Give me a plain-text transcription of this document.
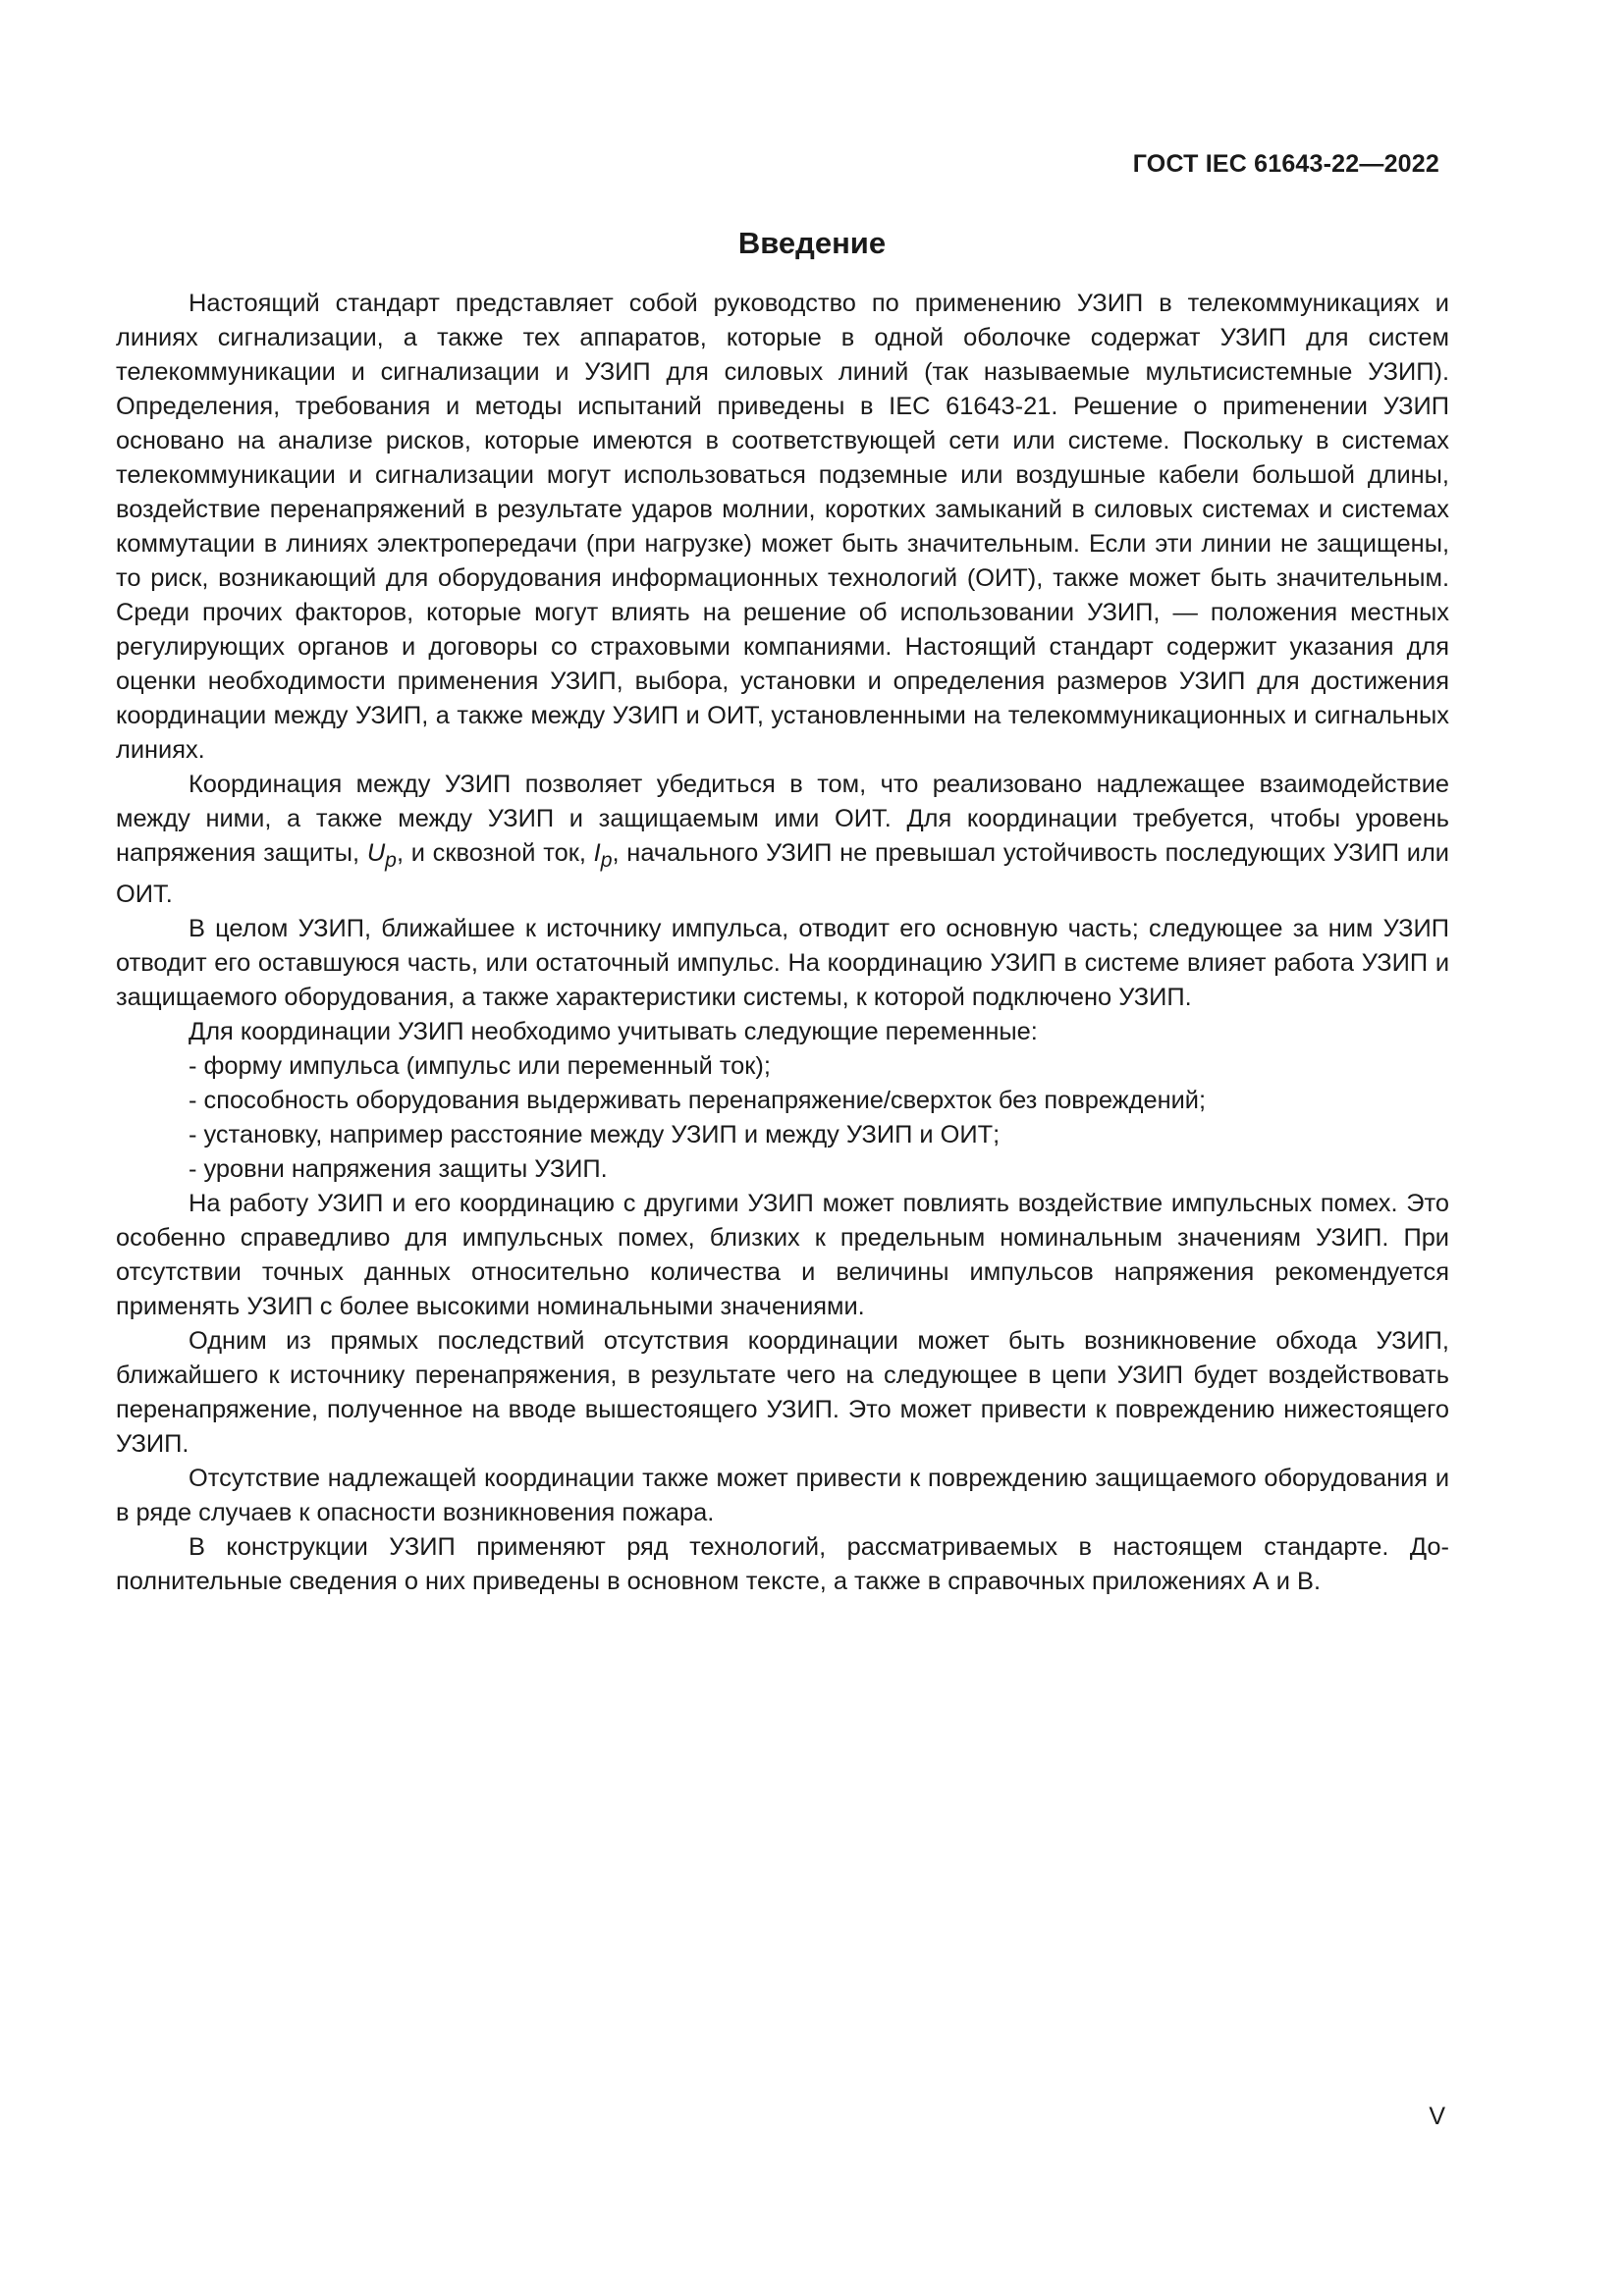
ГОСТ IEC 61643-22—2022
Введение

Настоящий стандарт представляет собой руководство по применению УЗИП в телекоммуникациях и линиях сигнализации, а также тех аппаратов, которые в одной оболочке содержат УЗИП для систем телекоммуникации и сигнализации и УЗИП для силовых линий (так называемые мультисистемные УЗИП). Определения, требования и методы испытаний приведены в IEC 61643-21. Решение о приmенении УЗИП основано на анализе рисков, которые имеются в соответствующей сети или системе. Поскольку в системах телекоммуникации и сигнализации могут использоваться подземные или воздушные кабели большой длины, воздействие перенапряжений в результате ударов молнии, коротких замыканий в силовых системах и системах коммутации в линиях электропередачи (при нагрузке) может быть значительным. Если эти линии не защищены, то риск, возникающий для оборудования информационных технологий (ОИТ), также может быть значительным. Среди прочих факторов, которые могут влиять на решение об использовании УЗИП, — положения местных регулирующих органов и договоры со страховыми компаниями. Настоящий стандарт содержит указания для оценки необходимости применения УЗИП, выбора, установки и определения размеров УЗИП для достижения координации между УЗИП, а также между УЗИП и ОИТ, установленными на телекоммуникационных и сигнальных линиях.

Координация между УЗИП позволяет убедиться в том, что реализовано надлежащее взаимодействие между ними, а также между УЗИП и защищаемым ими ОИТ. Для координации требуется, чтобы уровень напряжения защиты, $U_p$, и сквозной ток, $I_p$, начального УЗИП не превышал устойчивость последующих УЗИП или ОИТ.

В целом УЗИП, ближайшее к источнику импульса, отводит его основную часть; следующее за ним УЗИП отводит его оставшуюся часть, или остаточный импульс. На координацию УЗИП в системе влияет работа УЗИП и защищаемого оборудования, а также характеристики системы, к которой подключено УЗИП.

Для координации УЗИП необходимо учитывать следующие переменные:

- форму импульса (импульс или переменный ток);

- способность оборудования выдерживать перенапряжение/сверхток без повреждений;

- установку, например расстояние между УЗИП и между УЗИП и ОИТ;

- уровни напряжения защиты УЗИП.

На работу УЗИП и его координацию с другими УЗИП может повлиять воздействие импульсных помех. Это особенно справедливо для импульсных помех, близких к предельным номинальным значениям УЗИП. При отсутствии точных данных относительно количества и величины импульсов напряжения рекомендуется применять УЗИП с более высокими номинальными значениями.

Одним из прямых последствий отсутствия координации может быть возникновение обхода УЗИП, ближайшего к источнику перенапряжения, в результате чего на следующее в цепи УЗИП будет воздействовать перенапряжение, полученное на вводе вышестоящего УЗИП. Это может привести к повреждению нижестоящего УЗИП.

Отсутствие надлежащей координации также может привести к повреждению защищаемого оборудования и в ряде случаев к опасности возникновения пожара.

В конструкции УЗИП применяют ряд технологий, рассматриваемых в настоящем стандарте. Дополнительные сведения о них приведены в основном тексте, а также в справочных приложениях А и В.

V
